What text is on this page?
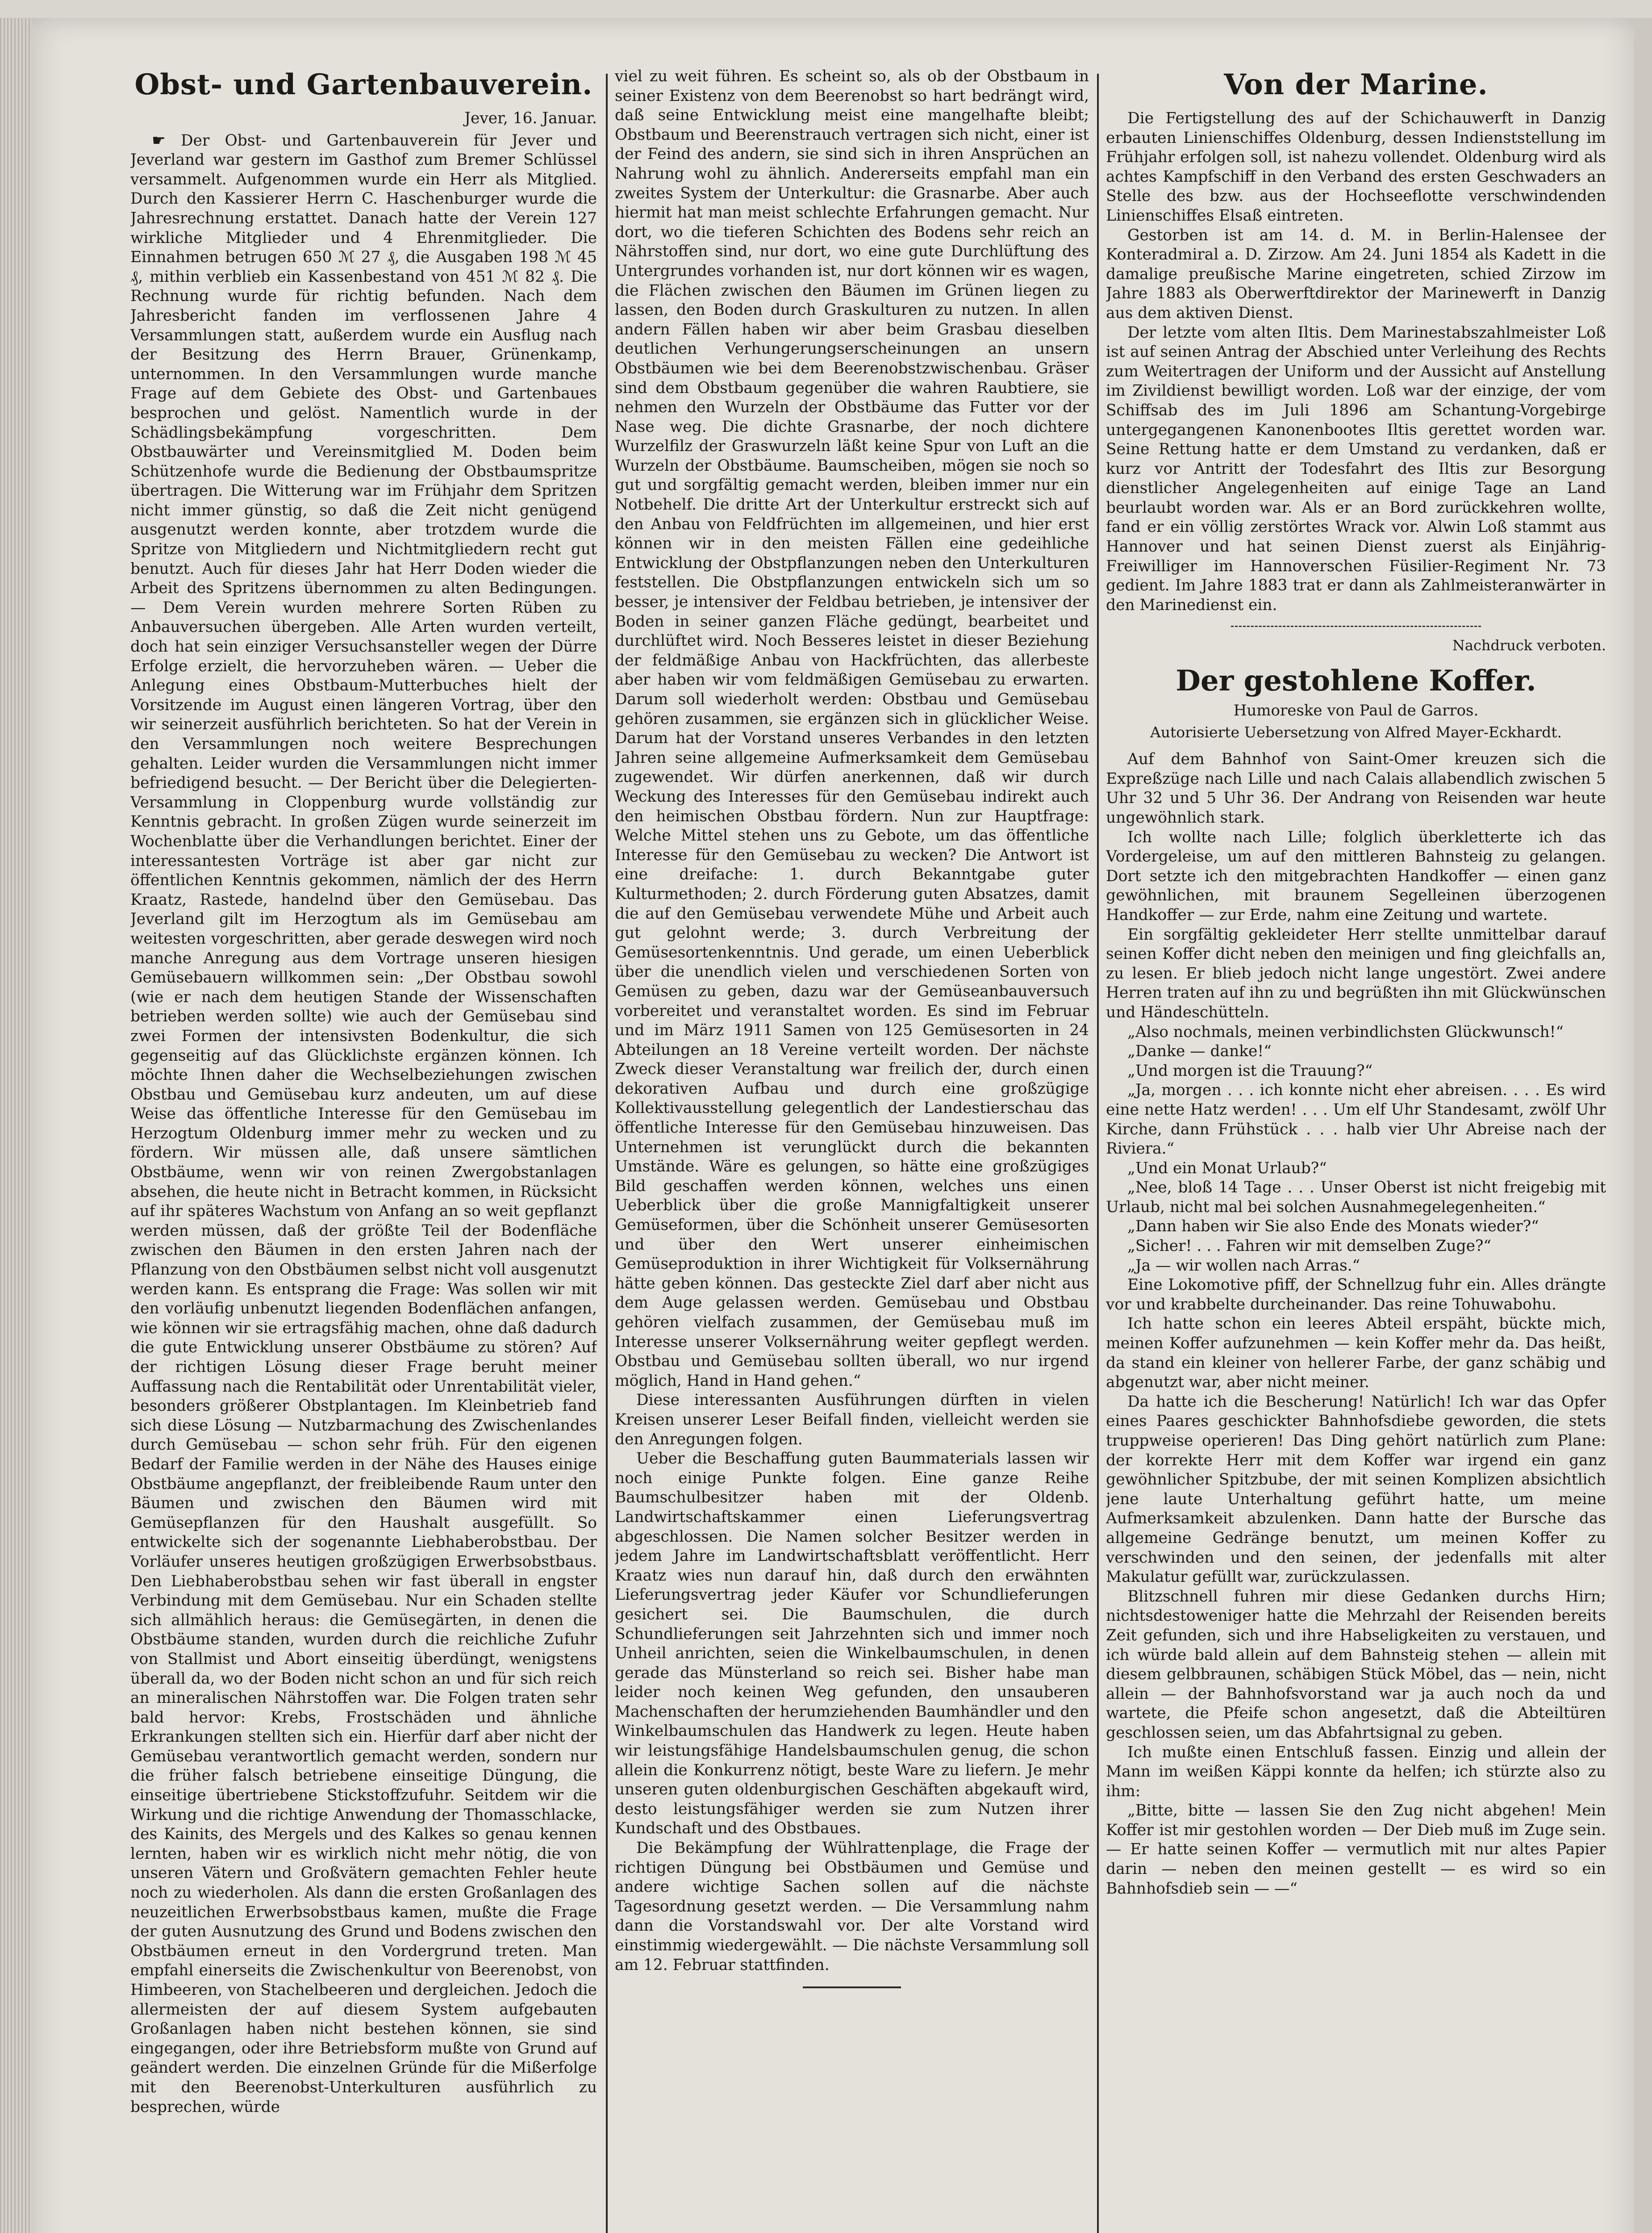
Obst- und Gartenbauverein.
Jever, 16. Januar.

☛ Der Obst- und Gartenbauverein für Jever und Jeverland war gestern im Gasthof zum Bremer Schlüssel versammelt. Aufgenommen wurde ein Herr als Mitglied. Durch den Kassierer Herrn C. Haschenburger wurde die Jahresrechnung erstattet. Danach hatte der Verein 127 wirkliche Mitglieder und 4 Ehrenmitglieder. Die Einnahmen betrugen 650 ℳ 27 ₰, die Ausgaben 198 ℳ 45 ₰, mithin verblieb ein Kassenbestand von 451 ℳ 82 ₰. Die Rechnung wurde für richtig befunden. Nach dem Jahresbericht fanden im verflossenen Jahre 4 Versammlungen statt, außerdem wurde ein Ausflug nach der Besitzung des Herrn Brauer, Grünenkamp, unternommen. In den Versammlungen wurde manche Frage auf dem Gebiete des Obst- und Gartenbaues besprochen und gelöst. Namentlich wurde in der Schädlingsbekämpfung vorgeschritten. Dem Obstbauwärter und Vereinsmitglied M. Doden beim Schützenhofe wurde die Bedienung der Obstbaumspritze übertragen. Die Witterung war im Frühjahr dem Spritzen nicht immer günstig, so daß die Zeit nicht genügend ausgenutzt werden konnte, aber trotzdem wurde die Spritze von Mitgliedern und Nichtmitgliedern recht gut benutzt. Auch für dieses Jahr hat Herr Doden wieder die Arbeit des Spritzens übernommen zu alten Bedingungen. — Dem Verein wurden mehrere Sorten Rüben zu Anbauversuchen übergeben. Alle Arten wurden verteilt, doch hat sein einziger Versuchsansteller wegen der Dürre Erfolge erzielt, die hervorzuheben wären. — Ueber die Anlegung eines Obstbaum-Mutterbuches hielt der Vorsitzende im August einen längeren Vortrag, über den wir seinerzeit ausführlich berichteten. So hat der Verein in den Versammlungen noch weitere Besprechungen gehalten. Leider wurden die Versammlungen nicht immer befriedigend besucht. — Der Bericht über die Delegierten-Versammlung in Cloppenburg wurde vollständig zur Kenntnis gebracht. In großen Zügen wurde seinerzeit im Wochenblatte über die Verhandlungen berichtet. Einer der interessantesten Vorträge ist aber gar nicht zur öffentlichen Kenntnis gekommen, nämlich der des Herrn Kraatz, Rastede, handelnd über den Gemüsebau. Das Jeverland gilt im Herzogtum als im Gemüsebau am weitesten vorgeschritten, aber gerade deswegen wird noch manche Anregung aus dem Vortrage unseren hiesigen Gemüsebauern willkommen sein: „Der Obstbau sowohl (wie er nach dem heutigen Stande der Wissenschaften betrieben werden sollte) wie auch der Gemüsebau sind zwei Formen der intensivsten Bodenkultur, die sich gegenseitig auf das Glücklichste ergänzen können. Ich möchte Ihnen daher die Wechselbeziehungen zwischen Obstbau und Gemüsebau kurz andeuten, um auf diese Weise das öffentliche Interesse für den Gemüsebau im Herzogtum Oldenburg immer mehr zu wecken und zu fördern. Wir müssen alle, daß unsere sämtlichen Obstbäume, wenn wir von reinen Zwergobstanlagen absehen, die heute nicht in Betracht kommen, in Rücksicht auf ihr späteres Wachstum von Anfang an so weit gepflanzt werden müssen, daß der größte Teil der Bodenfläche zwischen den Bäumen in den ersten Jahren nach der Pflanzung von den Obstbäumen selbst nicht voll ausgenutzt werden kann. Es entsprang die Frage: Was sollen wir mit den vorläufig unbenutzt liegenden Bodenflächen anfangen, wie können wir sie ertragsfähig machen, ohne daß dadurch die gute Entwicklung unserer Obstbäume zu stören? Auf der richtigen Lösung dieser Frage beruht meiner Auffassung nach die Rentabilität oder Unrentabilität vieler, besonders größerer Obstplantagen. Im Kleinbetrieb fand sich diese Lösung — Nutzbarmachung des Zwischenlandes durch Gemüsebau — schon sehr früh. Für den eigenen Bedarf der Familie werden in der Nähe des Hauses einige Obstbäume angepflanzt, der freibleibende Raum unter den Bäumen und zwischen den Bäumen wird mit Gemüsepflanzen für den Haushalt ausgefüllt. So entwickelte sich der sogenannte Liebhaberobstbau. Der Vorläufer unseres heutigen großzügigen Erwerbsobstbaus. Den Liebhaberobstbau sehen wir fast überall in engster Verbindung mit dem Gemüsebau. Nur ein Schaden stellte sich allmählich heraus: die Gemüsegärten, in denen die Obstbäume standen, wurden durch die reichliche Zufuhr von Stallmist und Abort einseitig überdüngt, wenigstens überall da, wo der Boden nicht schon an und für sich reich an mineralischen Nährstoffen war. Die Folgen traten sehr bald hervor: Krebs, Frostschäden und ähnliche Erkrankungen stellten sich ein. Hierfür darf aber nicht der Gemüsebau verantwortlich gemacht werden, sondern nur die früher falsch betriebene einseitige Düngung, die einseitige übertriebene Stickstoffzufuhr. Seitdem wir die Wirkung und die richtige Anwendung der Thomasschlacke, des Kainits, des Mergels und des Kalkes so genau kennen lernten, haben wir es wirklich nicht mehr nötig, die von unseren Vätern und Großvätern gemachten Fehler heute noch zu wiederholen. Als dann die ersten Großanlagen des neuzeitlichen Erwerbsobstbaus kamen, mußte die Frage der guten Ausnutzung des Grund und Bodens zwischen den Obstbäumen erneut in den Vordergrund treten. Man empfahl einerseits die Zwischenkultur von Beerenobst, von Himbeeren, von Stachelbeeren und dergleichen. Jedoch die allermeisten der auf diesem System aufgebauten Großanlagen haben nicht bestehen können, sie sind eingegangen, oder ihre Betriebsform mußte von Grund auf geändert werden. Die einzelnen Gründe für die Mißerfolge mit den Beerenobst-Unterkulturen ausführlich zu besprechen, würde

viel zu weit führen. Es scheint so, als ob der Obstbaum in seiner Existenz von dem Beerenobst so hart bedrängt wird, daß seine Entwicklung meist eine mangelhafte bleibt; Obstbaum und Beerenstrauch vertragen sich nicht, einer ist der Feind des andern, sie sind sich in ihren Ansprüchen an Nahrung wohl zu ähnlich. Andererseits empfahl man ein zweites System der Unterkultur: die Grasnarbe. Aber auch hiermit hat man meist schlechte Erfahrungen gemacht. Nur dort, wo die tieferen Schichten des Bodens sehr reich an Nährstoffen sind, nur dort, wo eine gute Durchlüftung des Untergrundes vorhanden ist, nur dort können wir es wagen, die Flächen zwischen den Bäumen im Grünen liegen zu lassen, den Boden durch Graskulturen zu nutzen. In allen andern Fällen haben wir aber beim Grasbau dieselben deutlichen Verhungerungserscheinungen an unsern Obstbäumen wie bei dem Beerenobstzwischenbau. Gräser sind dem Obstbaum gegenüber die wahren Raubtiere, sie nehmen den Wurzeln der Obstbäume das Futter vor der Nase weg. Die dichte Grasnarbe, der noch dichtere Wurzelfilz der Graswurzeln läßt keine Spur von Luft an die Wurzeln der Obstbäume. Baumscheiben, mögen sie noch so gut und sorgfältig gemacht werden, bleiben immer nur ein Notbehelf. Die dritte Art der Unterkultur erstreckt sich auf den Anbau von Feldfrüchten im allgemeinen, und hier erst können wir in den meisten Fällen eine gedeihliche Entwicklung der Obstpflanzungen neben den Unterkulturen feststellen. Die Obstpflanzungen entwickeln sich um so besser, je intensiver der Feldbau betrieben, je intensiver der Boden in seiner ganzen Fläche gedüngt, bearbeitet und durchlüftet wird. Noch Besseres leistet in dieser Beziehung der feldmäßige Anbau von Hackfrüchten, das allerbeste aber haben wir vom feldmäßigen Gemüsebau zu erwarten. Darum soll wiederholt werden: Obstbau und Gemüsebau gehören zusammen, sie ergänzen sich in glücklicher Weise. Darum hat der Vorstand unseres Verbandes in den letzten Jahren seine allgemeine Aufmerksamkeit dem Gemüsebau zugewendet. Wir dürfen anerkennen, daß wir durch Weckung des Interesses für den Gemüsebau indirekt auch den heimischen Obstbau fördern. Nun zur Hauptfrage: Welche Mittel stehen uns zu Gebote, um das öffentliche Interesse für den Gemüsebau zu wecken? Die Antwort ist eine dreifache: 1. durch Bekanntgabe guter Kulturmethoden; 2. durch Förderung guten Absatzes, damit die auf den Gemüsebau verwendete Mühe und Arbeit auch gut gelohnt werde; 3. durch Verbreitung der Gemüsesortenkenntnis. Und gerade, um einen Ueberblick über die unendlich vielen und verschiedenen Sorten von Gemüsen zu geben, dazu war der Gemüseanbauversuch vorbereitet und veranstaltet worden. Es sind im Februar und im März 1911 Samen von 125 Gemüsesorten in 24 Abteilungen an 18 Vereine verteilt worden. Der nächste Zweck dieser Veranstaltung war freilich der, durch einen dekorativen Aufbau und durch eine großzügige Kollektivausstellung gelegentlich der Landestierschau das öffentliche Interesse für den Gemüsebau hinzuweisen. Das Unternehmen ist verunglückt durch die bekannten Umstände. Wäre es gelungen, so hätte eine großzügiges Bild geschaffen werden können, welches uns einen Ueberblick über die große Mannigfaltigkeit unserer Gemüseformen, über die Schönheit unserer Gemüsesorten und über den Wert unserer einheimischen Gemüseproduktion in ihrer Wichtigkeit für Volksernährung hätte geben können. Das gesteckte Ziel darf aber nicht aus dem Auge gelassen werden. Gemüsebau und Obstbau gehören vielfach zusammen, der Gemüsebau muß im Interesse unserer Volksernährung weiter gepflegt werden. Obstbau und Gemüsebau sollten überall, wo nur irgend möglich, Hand in Hand gehen.“

Diese interessanten Ausführungen dürften in vielen Kreisen unserer Leser Beifall finden, vielleicht werden sie den Anregungen folgen.

Ueber die Beschaffung guten Baummaterials lassen wir noch einige Punkte folgen. Eine ganze Reihe Baumschulbesitzer haben mit der Oldenb. Landwirtschaftskammer einen Lieferungsvertrag abgeschlossen. Die Namen solcher Besitzer werden in jedem Jahre im Landwirtschaftsblatt veröffentlicht. Herr Kraatz wies nun darauf hin, daß durch den erwähnten Lieferungsvertrag jeder Käufer vor Schundlieferungen gesichert sei. Die Baumschulen, die durch Schundlieferungen seit Jahrzehnten sich und immer noch Unheil anrichten, seien die Winkelbaumschulen, in denen gerade das Münsterland so reich sei. Bisher habe man leider noch keinen Weg gefunden, den unsauberen Machenschaften der herumziehenden Baumhändler und den Winkelbaumschulen das Handwerk zu legen. Heute haben wir leistungsfähige Handelsbaumschulen genug, die schon allein die Konkurrenz nötigt, beste Ware zu liefern. Je mehr unseren guten oldenburgischen Geschäften abgekauft wird, desto leistungsfähiger werden sie zum Nutzen ihrer Kundschaft und des Obstbaues.

Die Bekämpfung der Wühlrattenplage, die Frage der richtigen Düngung bei Obstbäumen und Gemüse und andere wichtige Sachen sollen auf die nächste Tagesordnung gesetzt werden. — Die Versammlung nahm dann die Vorstandswahl vor. Der alte Vorstand wird einstimmig wiedergewählt. — Die nächste Versammlung soll am 12. Februar stattfinden.

Von der Marine.

Die Fertigstellung des auf der Schichauwerft in Danzig erbauten Linienschiffes Oldenburg, dessen Indienststellung im Frühjahr erfolgen soll, ist nahezu vollendet. Oldenburg wird als achtes Kampfschiff in den Verband des ersten Geschwaders an Stelle des bzw. aus der Hochseeflotte verschwindenden Linienschiffes Elsaß eintreten.

Gestorben ist am 14. d. M. in Berlin-Halensee der Konteradmiral a. D. Zirzow. Am 24. Juni 1854 als Kadett in die damalige preußische Marine eingetreten, schied Zirzow im Jahre 1883 als Oberwerftdirektor der Marinewerft in Danzig aus dem aktiven Dienst.

Der letzte vom alten Iltis. Dem Marinestabszahlmeister Loß ist auf seinen Antrag der Abschied unter Verleihung des Rechts zum Weitertragen der Uniform und der Aussicht auf Anstellung im Zivildienst bewilligt worden. Loß war der einzige, der vom Schiffsab des im Juli 1896 am Schantung-Vorgebirge untergegangenen Kanonenbootes Iltis gerettet worden war. Seine Rettung hatte er dem Umstand zu verdanken, daß er kurz vor Antritt der Todesfahrt des Iltis zur Besorgung dienstlicher Angelegenheiten auf einige Tage an Land beurlaubt worden war. Als er an Bord zurückkehren wollte, fand er ein völlig zerstörtes Wrack vor. Alwin Loß stammt aus Hannover und hat seinen Dienst zuerst als Einjährig-Freiwilliger im Hannoverschen Füsilier-Regiment Nr. 73 gedient. Im Jahre 1883 trat er dann als Zahlmeisteranwärter in den Marinedienst ein.

Nachdruck verboten.
Der gestohlene Koffer.
Humoreske von Paul de Garros.
Autorisierte Uebersetzung von Alfred Mayer-Eckhardt.

Auf dem Bahnhof von Saint-Omer kreuzen sich die Expreßzüge nach Lille und nach Calais allabendlich zwischen 5 Uhr 32 und 5 Uhr 36. Der Andrang von Reisenden war heute ungewöhnlich stark.

Ich wollte nach Lille; folglich überkletterte ich das Vordergeleise, um auf den mittleren Bahnsteig zu gelangen. Dort setzte ich den mitgebrachten Handkoffer — einen ganz gewöhnlichen, mit braunem Segelleinen überzogenen Handkoffer — zur Erde, nahm eine Zeitung und wartete.

Ein sorgfältig gekleideter Herr stellte unmittelbar darauf seinen Koffer dicht neben den meinigen und fing gleichfalls an, zu lesen. Er blieb jedoch nicht lange ungestört. Zwei andere Herren traten auf ihn zu und begrüßten ihn mit Glückwünschen und Händeschütteln.

„Also nochmals, meinen verbindlichsten Glückwunsch!“

„Danke — danke!“

„Und morgen ist die Trauung?“

„Ja, morgen . . . ich konnte nicht eher abreisen. . . . Es wird eine nette Hatz werden! . . . Um elf Uhr Standesamt, zwölf Uhr Kirche, dann Frühstück . . . halb vier Uhr Abreise nach der Riviera.“

„Und ein Monat Urlaub?“

„Nee, bloß 14 Tage . . . Unser Oberst ist nicht freigebig mit Urlaub, nicht mal bei solchen Ausnahmegelegenheiten.“

„Dann haben wir Sie also Ende des Monats wieder?“

„Sicher! . . . Fahren wir mit demselben Zuge?“

„Ja — wir wollen nach Arras.“

Eine Lokomotive pfiff, der Schnellzug fuhr ein. Alles drängte vor und krabbelte durcheinander. Das reine Tohuwabohu.

Ich hatte schon ein leeres Abteil erspäht, bückte mich, meinen Koffer aufzunehmen — kein Koffer mehr da. Das heißt, da stand ein kleiner von hellerer Farbe, der ganz schäbig und abgenutzt war, aber nicht meiner.

Da hatte ich die Bescherung! Natürlich! Ich war das Opfer eines Paares geschickter Bahnhofsdiebe geworden, die stets truppweise operieren! Das Ding gehört natürlich zum Plane: der korrekte Herr mit dem Koffer war irgend ein ganz gewöhnlicher Spitzbube, der mit seinen Komplizen absichtlich jene laute Unterhaltung geführt hatte, um meine Aufmerksamkeit abzulenken. Dann hatte der Bursche das allgemeine Gedränge benutzt, um meinen Koffer zu verschwinden und den seinen, der jedenfalls mit alter Makulatur gefüllt war, zurückzulassen.

Blitzschnell fuhren mir diese Gedanken durchs Hirn; nichtsdestoweniger hatte die Mehrzahl der Reisenden bereits Zeit gefunden, sich und ihre Habseligkeiten zu verstauen, und ich würde bald allein auf dem Bahnsteig stehen — allein mit diesem gelbbraunen, schäbigen Stück Möbel, das — nein, nicht allein — der Bahnhofsvorstand war ja auch noch da und wartete, die Pfeife schon angesetzt, daß die Abteiltüren geschlossen seien, um das Abfahrtsignal zu geben.

Ich mußte einen Entschluß fassen. Einzig und allein der Mann im weißen Käppi konnte da helfen; ich stürzte also zu ihm:

„Bitte, bitte — lassen Sie den Zug nicht abgehen! Mein Koffer ist mir gestohlen worden — Der Dieb muß im Zuge sein. — Er hatte seinen Koffer — vermutlich mit nur altes Papier darin — neben den meinen gestellt — es wird so ein Bahnhofsdieb sein — —“
